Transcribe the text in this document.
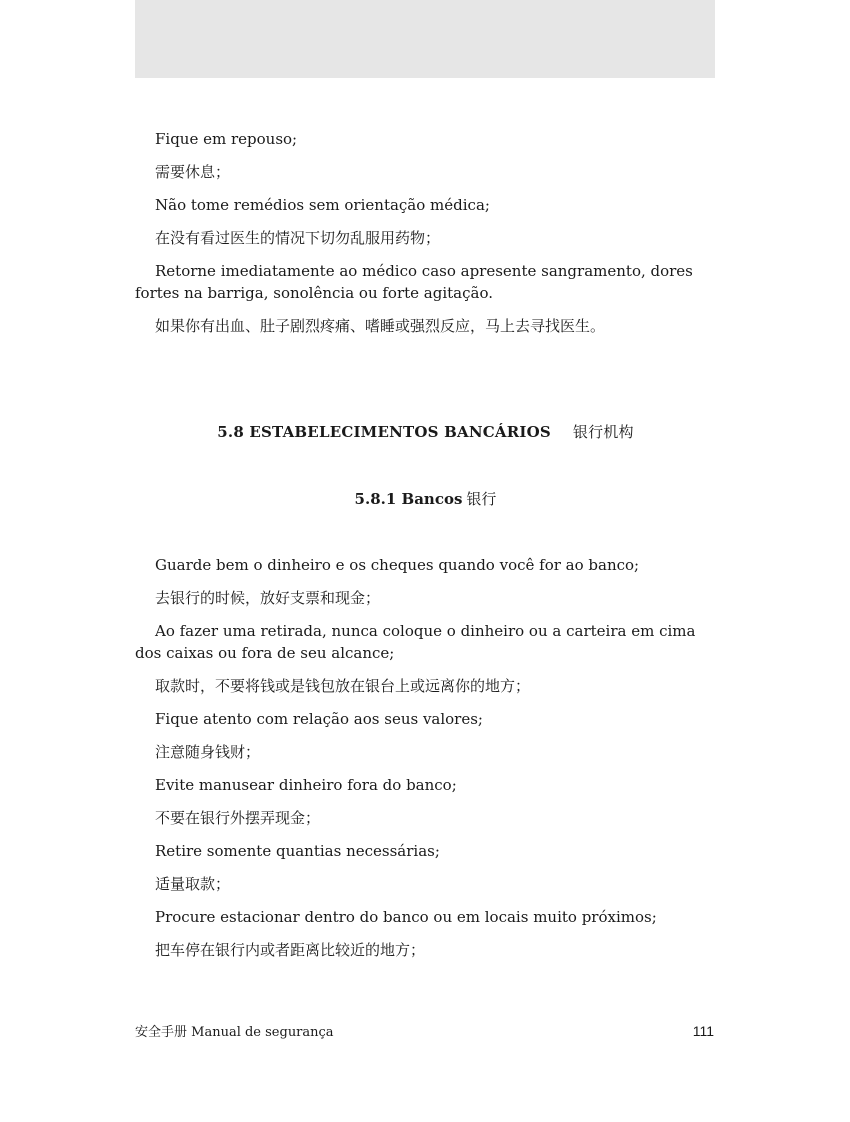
Fique em repouso;

需要休息；

Não tome remédios sem orientação médica;

在没有看过医生的情况下切勿乱服用药物；

Retorne imediatamente ao médico caso apresente sangramento, dores fortes na barriga, sonolência ou forte agitação.

如果你有出血、肚子剧烈疼痛、嗜睡或强烈反应，马上去寻找医生。

5.8 ESTABELECIMENTOS BANCÁRIOS 银行机构
5.8.1 Bancos 银行

Guarde bem o dinheiro e os cheques quando você for ao banco;

去银行的时候，放好支票和现金；

Ao fazer uma retirada, nunca coloque o dinheiro ou a carteira em cima dos caixas ou fora de seu alcance;

取款时，不要将钱或是钱包放在银台上或远离你的地方；

Fique atento com relação aos seus valores;

注意随身钱财；

Evite manusear dinheiro fora do banco;

不要在银行外摆弄现金；

Retire somente quantias necessárias;

适量取款；

Procure estacionar dentro do banco ou em locais muito próximos;

把车停在银行内或者距离比较近的地方；

安全手册 Manual de segurança	111
